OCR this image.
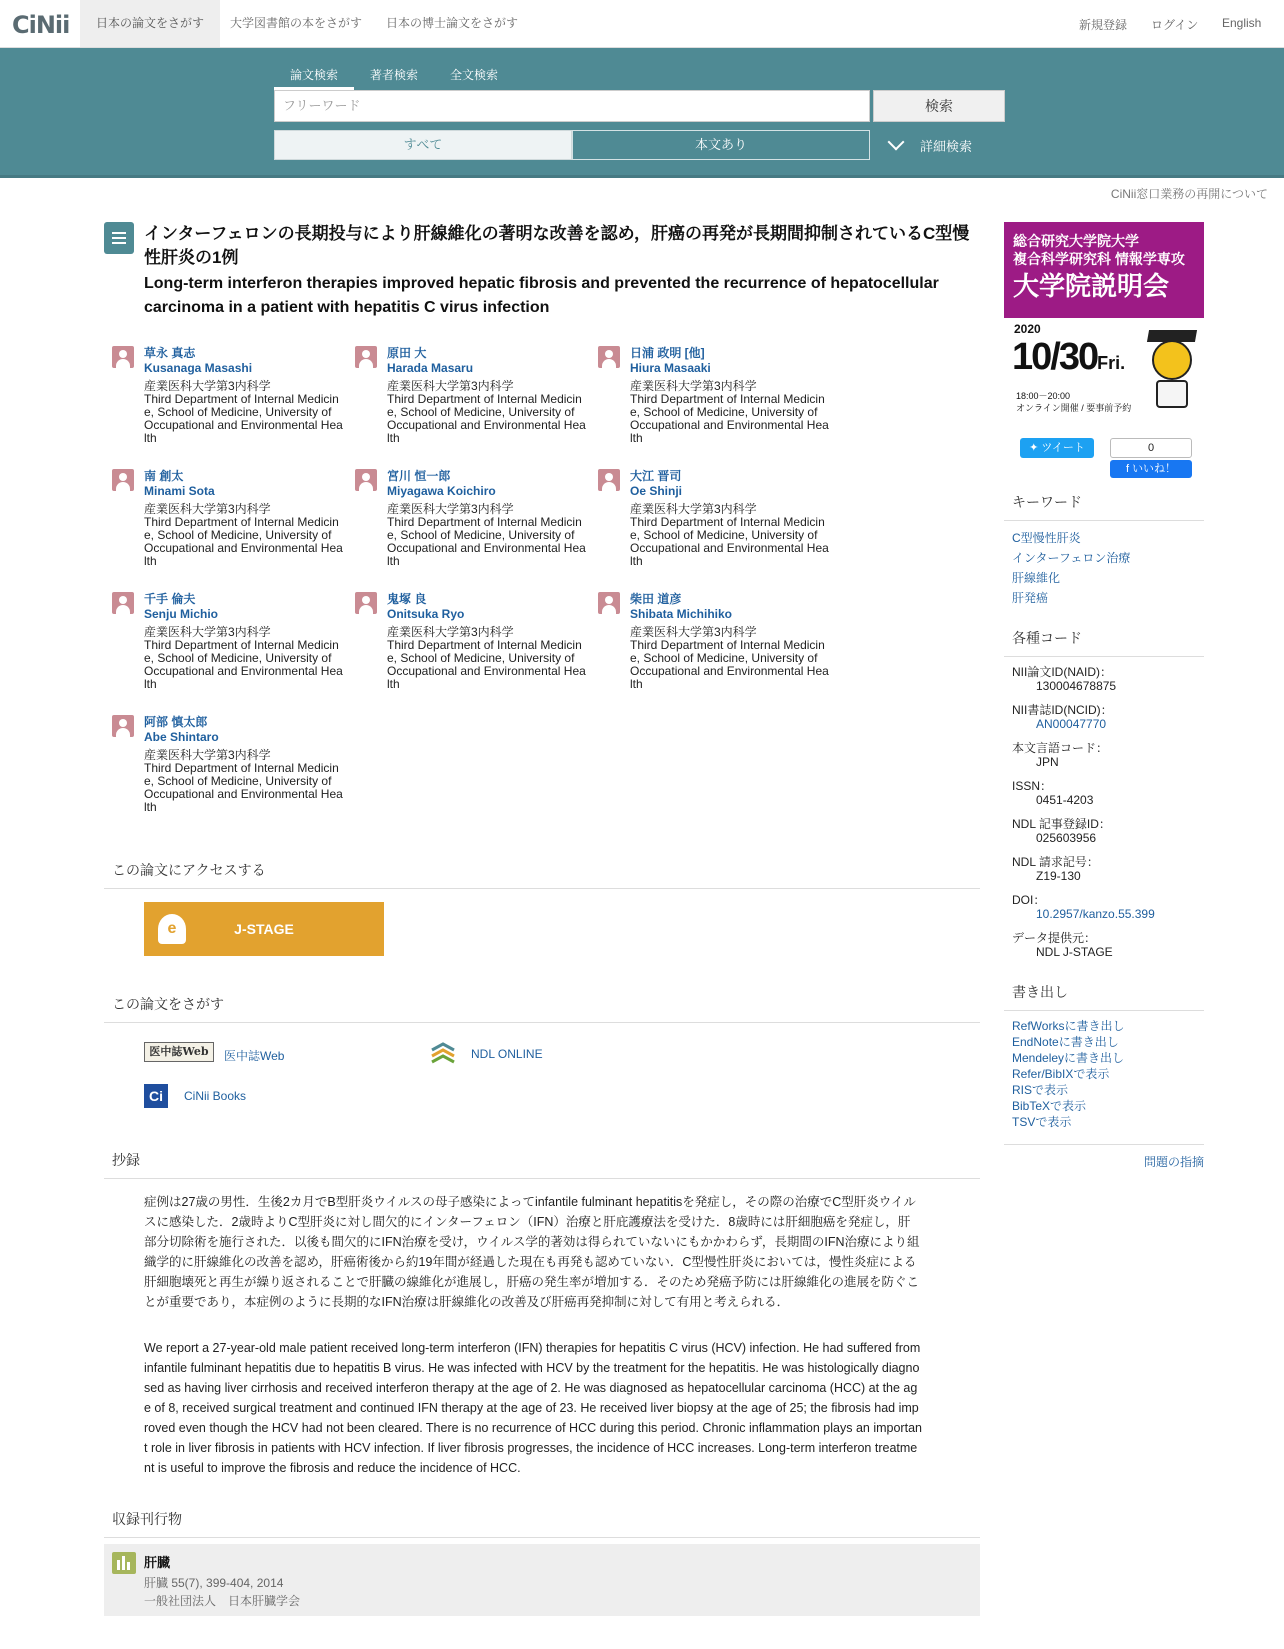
CiNii	日本の論文をさがす	大学図書館の本をさがす	日本の博士論文をさがす	新規登録 ログイン English
論文検索	著者検索	全文検索
フリーワード	検索
すべて	本文あり	詳細検索
CiNii窓口業務の再開について
インターフェロンの長期投与により肝線維化の著明な改善を認め，肝癌の再発が長期間抑制されているC型慢性肝炎の1例
Long-term interferon therapies improved hepatic fibrosis and prevented the recurrence of hepatocellular carcinoma in a patient with hepatitis C virus infection
草永 真志
Kusanaga Masashi
産業医科大学第3内科学
Third Department of Internal Medicine, School of Medicine, University of Occupational and Environmental Health
原田 大
Harada Masaru
産業医科大学第3内科学
Third Department of Internal Medicine, School of Medicine, University of Occupational and Environmental Health
日浦 政明 [他]
Hiura Masaaki
産業医科大学第3内科学
Third Department of Internal Medicine, School of Medicine, University of Occupational and Environmental Health
南 創太
Minami Sota
産業医科大学第3内科学
Third Department of Internal Medicine, School of Medicine, University of Occupational and Environmental Health
宮川 恒一郎
Miyagawa Koichiro
産業医科大学第3内科学
Third Department of Internal Medicine, School of Medicine, University of Occupational and Environmental Health
大江 晋司
Oe Shinji
産業医科大学第3内科学
Third Department of Internal Medicine, School of Medicine, University of Occupational and Environmental Health
千手 倫夫
Senju Michio
産業医科大学第3内科学
Third Department of Internal Medicine, School of Medicine, University of Occupational and Environmental Health
鬼塚 良
Onitsuka Ryo
産業医科大学第3内科学
Third Department of Internal Medicine, School of Medicine, University of Occupational and Environmental Health
柴田 道彦
Shibata Michihiko
産業医科大学第3内科学
Third Department of Internal Medicine, School of Medicine, University of Occupational and Environmental Health
阿部 慎太郎
Abe Shintaro
産業医科大学第3内科学
Third Department of Internal Medicine, School of Medicine, University of Occupational and Environmental Health
この論文にアクセスする
e	J-STAGE
この論文をさがす
医中誌Web	医中誌Web	NDL ONLINE
Ci	CiNii Books
抄録

症例は27歳の男性．生後2カ月でB型肝炎ウイルスの母子感染によってinfantile fulminant hepatitisを発症し，その際の治療でC型肝炎ウイルスに感染した．2歳時よりC型肝炎に対し間欠的にインターフェロン（IFN）治療と肝庇護療法を受けた．8歳時には肝細胞癌を発症し，肝部分切除術を施行された．以後も間欠的にIFN治療を受け，ウイルス学的著効は得られていないにもかかわらず，長期間のIFN治療により組織学的に肝線維化の改善を認め，肝癌術後から約19年間が経過した現在も再発も認めていない．C型慢性肝炎においては，慢性炎症による肝細胞壊死と再生が繰り返されることで肝臓の線維化が進展し，肝癌の発生率が増加する．そのため発癌予防には肝線維化の進展を防ぐことが重要であり，本症例のように長期的なIFN治療は肝線維化の改善及び肝癌再発抑制に対して有用と考えられる．

We report a 27-year-old male patient received long-term interferon (IFN) therapies for hepatitis C virus (HCV) infection. He had suffered from infantile fulminant hepatitis due to hepatitis B virus. He was infected with HCV by the treatment for the hepatitis. He was histologically diagnosed as having liver cirrhosis and received interferon therapy at the age of 2. He was diagnosed as hepatocellular carcinoma (HCC) at the age of 8, received surgical treatment and continued IFN therapy at the age of 23. He received liver biopsy at the age of 25; the fibrosis had improved even though the HCV had not been cleared. There is no recurrence of HCC during this period. Chronic inflammation plays an important role in liver fibrosis in patients with HCV infection. If liver fibrosis progresses, the incidence of HCC increases. Long-term interferon treatment is useful to improve the fibrosis and reduce the incidence of HCC.

収録刊行物
肝臓
肝臓 55(7), 399-404, 2014
一般社団法人　日本肝臓学会
総合研究大学院大学
複合科学研究科 情報学専攻
大学院説明会
2020
10/30Fri.
18:00－20:00
オンライン開催 / 要事前予約
✦ ツイート	0
f いいね！
キーワード
C型慢性肝炎
インターフェロン治療
肝線維化
肝発癌
各種コード
NII論文ID(NAID)：
130004678875
NII書誌ID(NCID)：
AN00047770
本文言語コード：
JPN
ISSN：
0451-4203
NDL 記事登録ID：
025603956
NDL 請求記号：
Z19-130
DOI：
10.2957/kanzo.55.399
データ提供元：
NDL J-STAGE
書き出し
RefWorksに書き出し
EndNoteに書き出し
Mendeleyに書き出し
Refer/BibIXで表示
RISで表示
BibTeXで表示
TSVで表示
問題の指摘
